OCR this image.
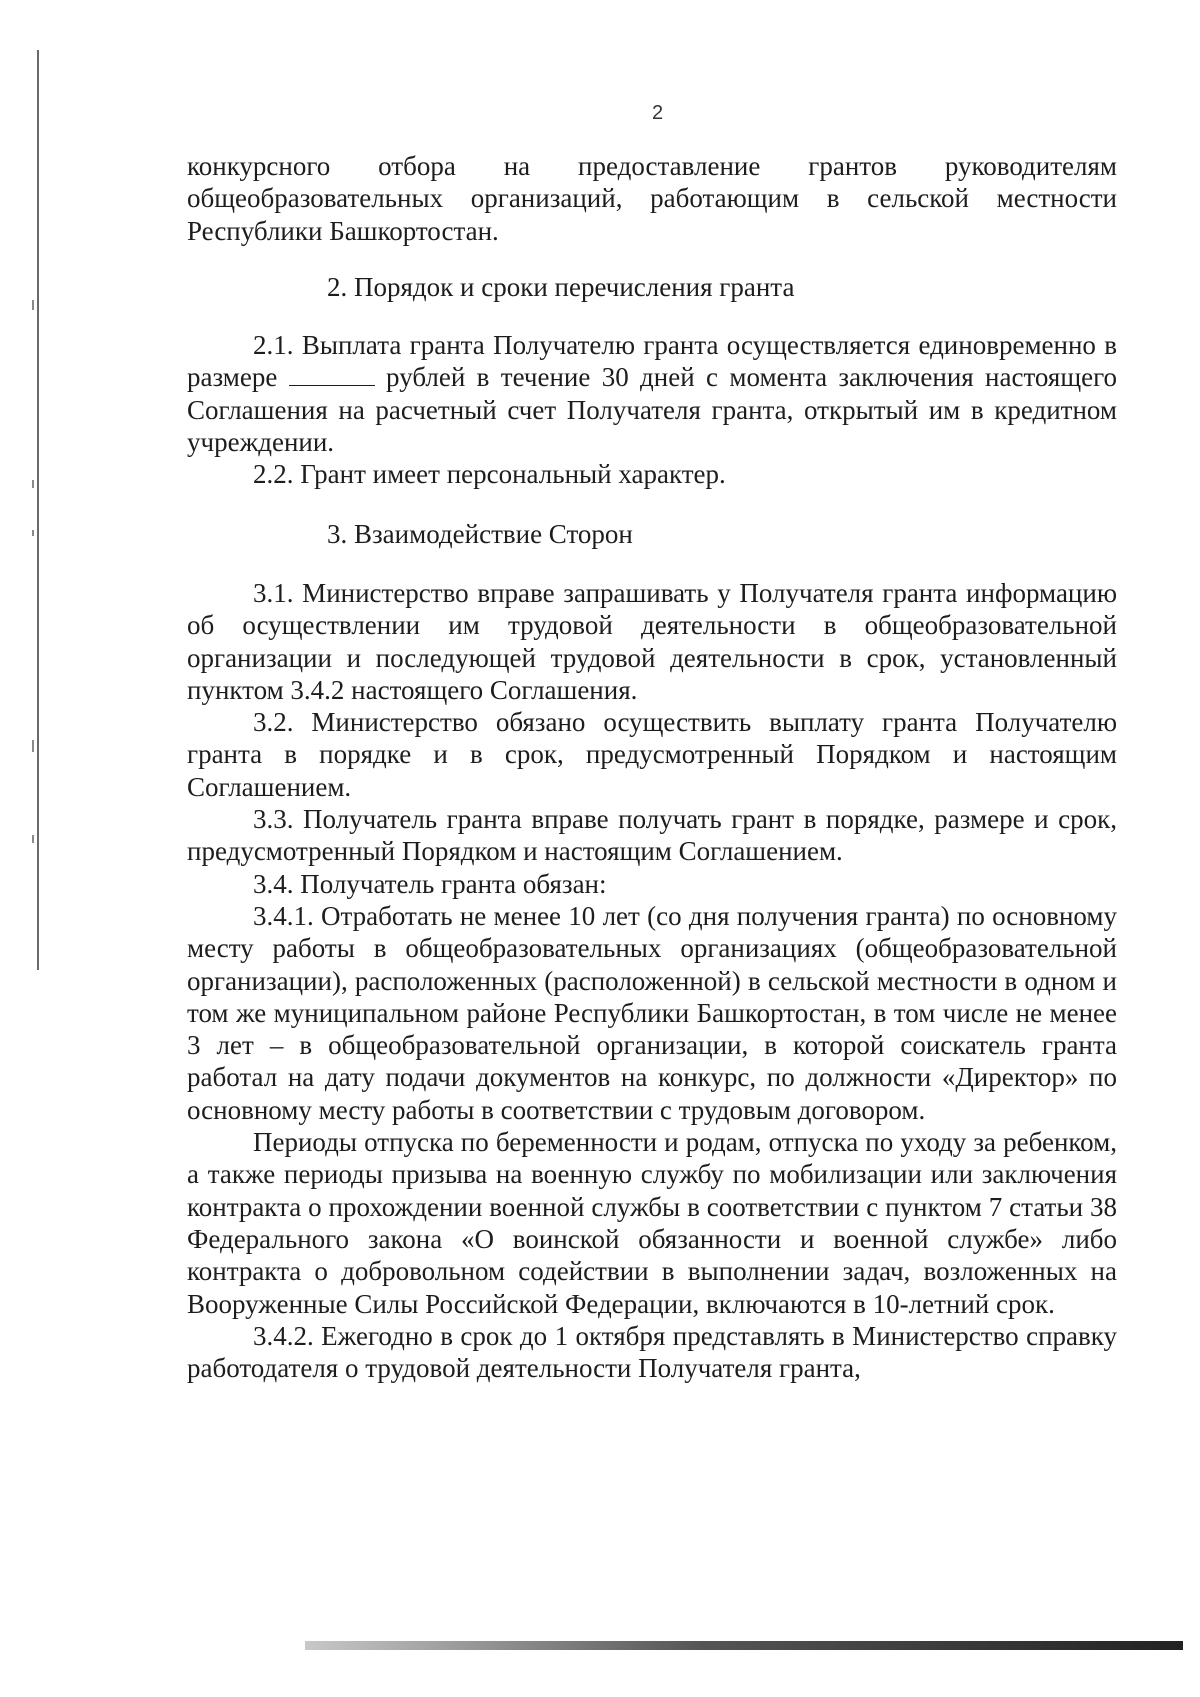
2

конкурсного отбора на предоставление грантов руководителям общеобразовательных организаций, работающим в сельской местности Республики Башкортостан.

2. Порядок и сроки перечисления гранта

2.1. Выплата гранта Получателю гранта осуществляется единовременно в размере	рублей в течение 30 дней с момента заключения настоящего Соглашения на расчетный счет Получателя гранта, открытый им в кредитном учреждении.

2.2. Грант имеет персональный характер.

3. Взаимодействие Сторон

3.1. Министерство вправе запрашивать у Получателя гранта информацию об осуществлении им трудовой деятельности в общеобразовательной организации и последующей трудовой деятельности в срок, установленный пунктом 3.4.2 настоящего Соглашения.

3.2. Министерство обязано осуществить выплату гранта Получателю гранта в порядке и в срок, предусмотренный Порядком и настоящим Соглашением.

3.3. Получатель гранта вправе получать грант в порядке, размере и срок, предусмотренный Порядком и настоящим Соглашением.

3.4. Получатель гранта обязан:

3.4.1. Отработать не менее 10 лет (со дня получения гранта) по основному месту работы в общеобразовательных организациях (общеобразовательной организации), расположенных (расположенной) в сельской местности в одном и том же муниципальном районе Республики Башкортостан, в том числе не менее 3 лет – в общеобразовательной организации, в которой соискатель гранта работал на дату подачи документов на конкурс, по должности «Директор» по основному месту работы в соответствии с трудовым договором.

Периоды отпуска по беременности и родам, отпуска по уходу за ребенком, а также периоды призыва на военную службу по мобилизации или заключения контракта о прохождении военной службы в соответствии с пунктом 7 статьи 38 Федерального закона «О воинской обязанности и военной службе» либо контракта о добровольном содействии в выполнении задач, возложенных на Вооруженные Силы Российской Федерации, включаются в 10-летний срок.

3.4.2. Ежегодно в срок до 1 октября представлять в Министерство справку работодателя о трудовой деятельности Получателя гранта,
